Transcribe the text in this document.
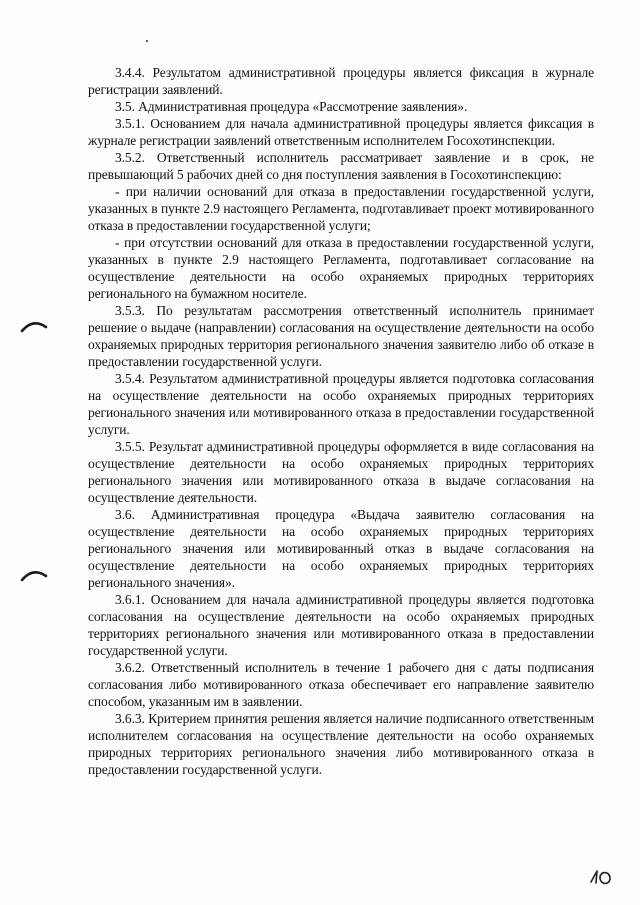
3.4.4. Результатом административной процедуры является фиксация в журнале регистрации заявлений.

3.5. Административная процедура «Рассмотрение заявления».

3.5.1. Основанием для начала административной процедуры является фиксация в журнале регистрации заявлений ответственным исполнителем Госохотинспекции.

3.5.2. Ответственный исполнитель рассматривает заявление и в срок, не превышающий 5 рабочих дней со дня поступления заявления в Госохотинспекцию:

- при наличии оснований для отказа в предоставлении государственной услуги, указанных в пункте 2.9 настоящего Регламента, подготавливает проект мотивированного отказа в предоставлении государственной услуги;

- при отсутствии оснований для отказа в предоставлении государственной услуги, указанных в пункте 2.9 настоящего Регламента, подготавливает согласование на осуществление деятельности на особо охраняемых природных территориях регионального на бумажном носителе.

3.5.3. По результатам рассмотрения ответственный исполнитель принимает решение о выдаче (направлении) согласования на осуществление деятельности на особо охраняемых природных территория регионального значения заявителю либо об отказе в предоставлении государственной услуги.

3.5.4. Результатом административной процедуры является подготовка согласования на осуществление деятельности на особо охраняемых природных территориях регионального значения или мотивированного отказа в предоставлении государственной услуги.

3.5.5. Результат административной процедуры оформляется в виде согласования на осуществление деятельности на особо охраняемых природных территориях регионального значения или мотивированного отказа в выдаче согласования на осуществление деятельности.

3.6. Административная процедура «Выдача заявителю согласования на осуществление деятельности на особо охраняемых природных территориях регионального значения или мотивированный отказ в выдаче согласования на осуществление деятельности на особо охраняемых природных территориях регионального значения».

3.6.1. Основанием для начала административной процедуры является подготовка согласования на осуществление деятельности на особо охраняемых природных территориях регионального значения или мотивированного отказа в предоставлении государственной услуги.

3.6.2. Ответственный исполнитель в течение 1 рабочего дня с даты подписания согласования либо мотивированного отказа обеспечивает его направление заявителю способом, указанным им в заявлении.

3.6.3. Критерием принятия решения является наличие подписанного ответственным исполнителем согласования на осуществление деятельности на особо охраняемых природных территориях регионального значения либо мотивированного отказа в предоставлении государственной услуги.
